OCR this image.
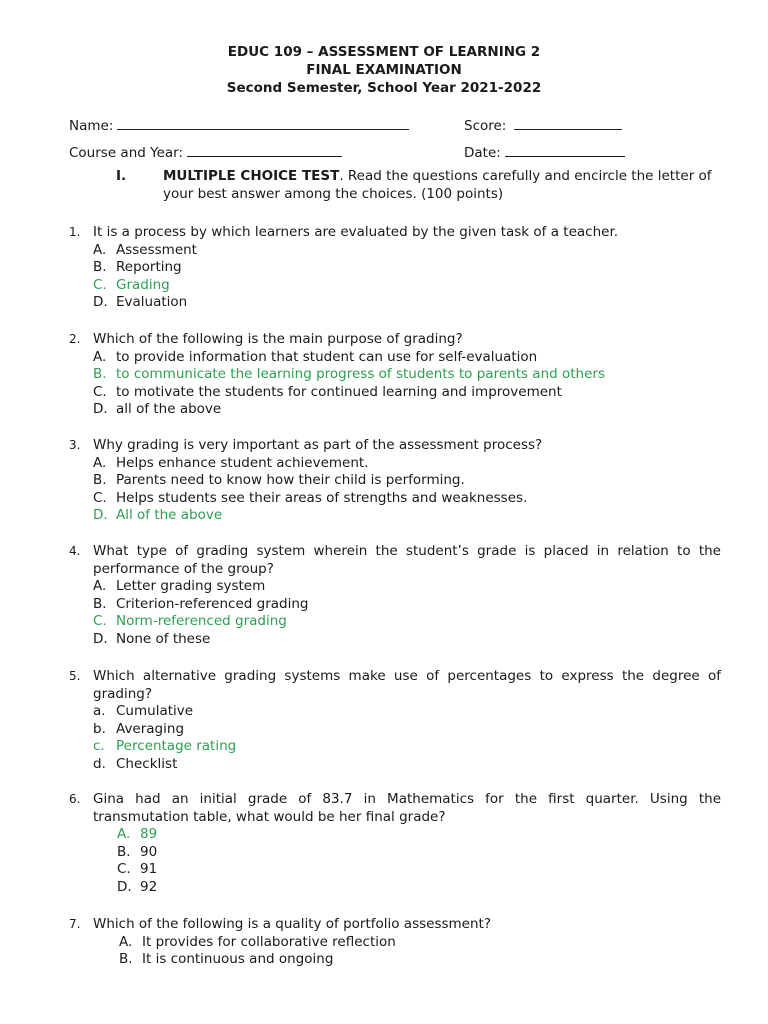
EDUC 109 – ASSESSMENT OF LEARNING 2
FINAL EXAMINATION
Second Semester, School Year 2021-2022
Name:	Score:
Course and Year:	Date:
I.	MULTIPLE CHOICE TEST. Read the questions carefully and encircle the letter of your best answer among the choices. (100 points)
1. It is a process by which learners are evaluated by the given task of a teacher.
A. Assessment
B. Reporting
C. Grading
D. Evaluation
2. Which of the following is the main purpose of grading?
A. to provide information that student can use for self-evaluation
B. to communicate the learning progress of students to parents and others
C. to motivate the students for continued learning and improvement
D. all of the above
3. Why grading is very important as part of the assessment process?
A. Helps enhance student achievement.
B. Parents need to know how their child is performing.
C. Helps students see their areas of strengths and weaknesses.
D. All of the above
4. What type of grading system wherein the student’s grade is placed in relation to the performance of the group?
A. Letter grading system
B. Criterion-referenced grading
C. Norm-referenced grading
D. None of these
5. Which alternative grading systems make use of percentages to express the degree of grading?
a. Cumulative
b. Averaging
c. Percentage rating
d. Checklist
6. Gina had an initial grade of 83.7 in Mathematics for the first quarter. Using the transmutation table, what would be her final grade?
A. 89
B. 90
C. 91
D. 92
7. Which of the following is a quality of portfolio assessment?
A. It provides for collaborative reflection
B. It is continuous and ongoing
